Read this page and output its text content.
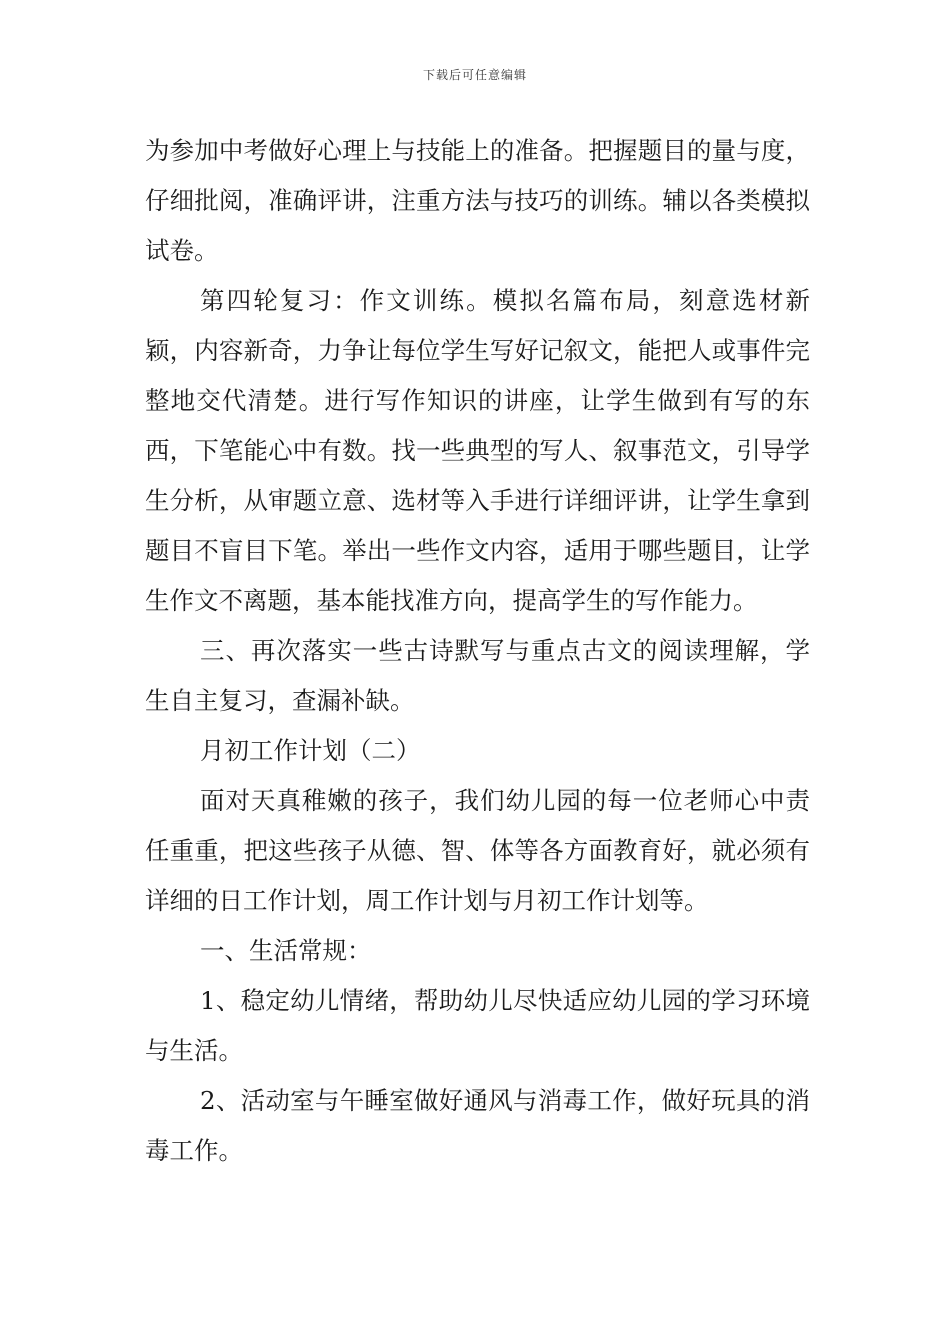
下载后可任意编辑

为参加中考做好心理上与技能上的准备。把握题目的量与度，仔细批阅，准确评讲，注重方法与技巧的训练。辅以各类模拟试卷。

第四轮复习：作文训练。模拟名篇布局，刻意选材新颖，内容新奇，力争让每位学生写好记叙文，能把人或事件完整地交代清楚。进行写作知识的讲座，让学生做到有写的东西，下笔能心中有数。找一些典型的写人、叙事范文，引导学生分析，从审题立意、选材等入手进行详细评讲，让学生拿到题目不盲目下笔。举出一些作文内容，适用于哪些题目，让学生作文不离题，基本能找准方向，提高学生的写作能力。

三、再次落实一些古诗默写与重点古文的阅读理解，学生自主复习，查漏补缺。

月初工作计划（二）

面对天真稚嫩的孩子，我们幼儿园的每一位老师心中责任重重，把这些孩子从德、智、体等各方面教育好，就必须有详细的日工作计划，周工作计划与月初工作计划等。

一、生活常规：

1、稳定幼儿情绪，帮助幼儿尽快适应幼儿园的学习环境与生活。

2、活动室与午睡室做好通风与消毒工作，做好玩具的消毒工作。
